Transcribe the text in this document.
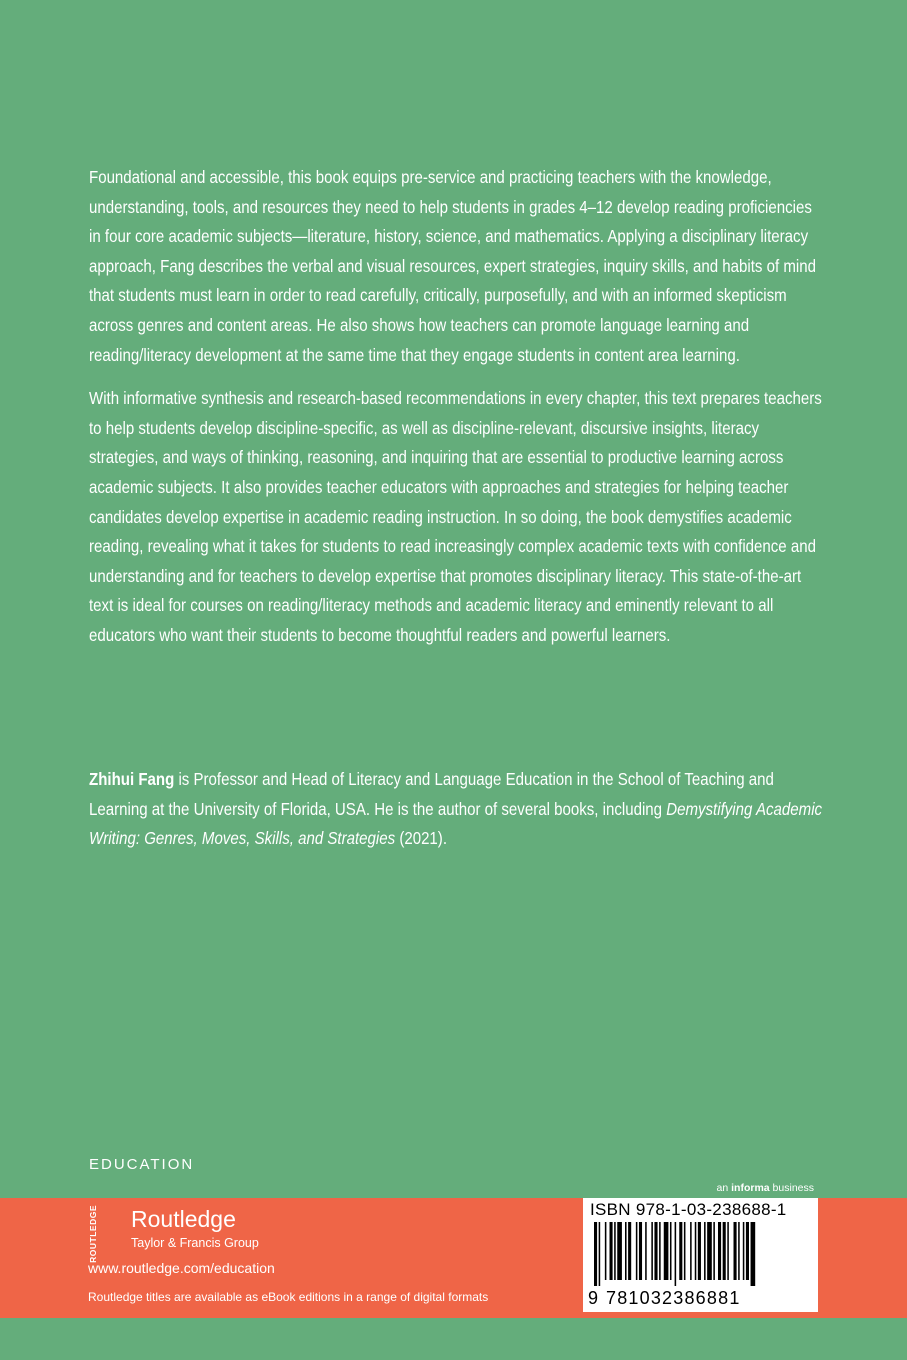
Foundational and accessible, this book equips pre-service and practicing teachers with the knowledge, understanding, tools, and resources they need to help students in grades 4–12 develop reading proficiencies in four core academic subjects—literature, history, science, and mathematics. Applying a disciplinary literacy approach, Fang describes the verbal and visual resources, expert strategies, inquiry skills, and habits of mind that students must learn in order to read carefully, critically, purposefully, and with an informed skepticism across genres and content areas. He also shows how teachers can promote language learning and reading/literacy development at the same time that they engage students in content area learning.

With informative synthesis and research-based recommendations in every chapter, this text prepares teachers to help students develop discipline-specific, as well as discipline-relevant, discursive insights, literacy strategies, and ways of thinking, reasoning, and inquiring that are essential to productive learning across academic subjects. It also provides teacher educators with approaches and strategies for helping teacher candidates develop expertise in academic reading instruction. In so doing, the book demystifies academic reading, revealing what it takes for students to read increasingly complex academic texts with confidence and understanding and for teachers to develop expertise that promotes disciplinary literacy. This state-of-the-art text is ideal for courses on reading/literacy methods and academic literacy and eminently relevant to all educators who want their students to become thoughtful readers and powerful learners.

Zhihui Fang is Professor and Head of Literacy and Language Education in the School of Teaching and Learning at the University of Florida, USA. He is the author of several books, including Demystifying Academic Writing: Genres, Moves, Skills, and Strategies (2021).
EDUCATION
an informa business
ROUTLEDGE Routledge
Taylor & Francis Group
www.routledge.com/education
Routledge titles are available as eBook editions in a range of digital formats
ISBN 978-1-03-238688-1
9 781032386881
